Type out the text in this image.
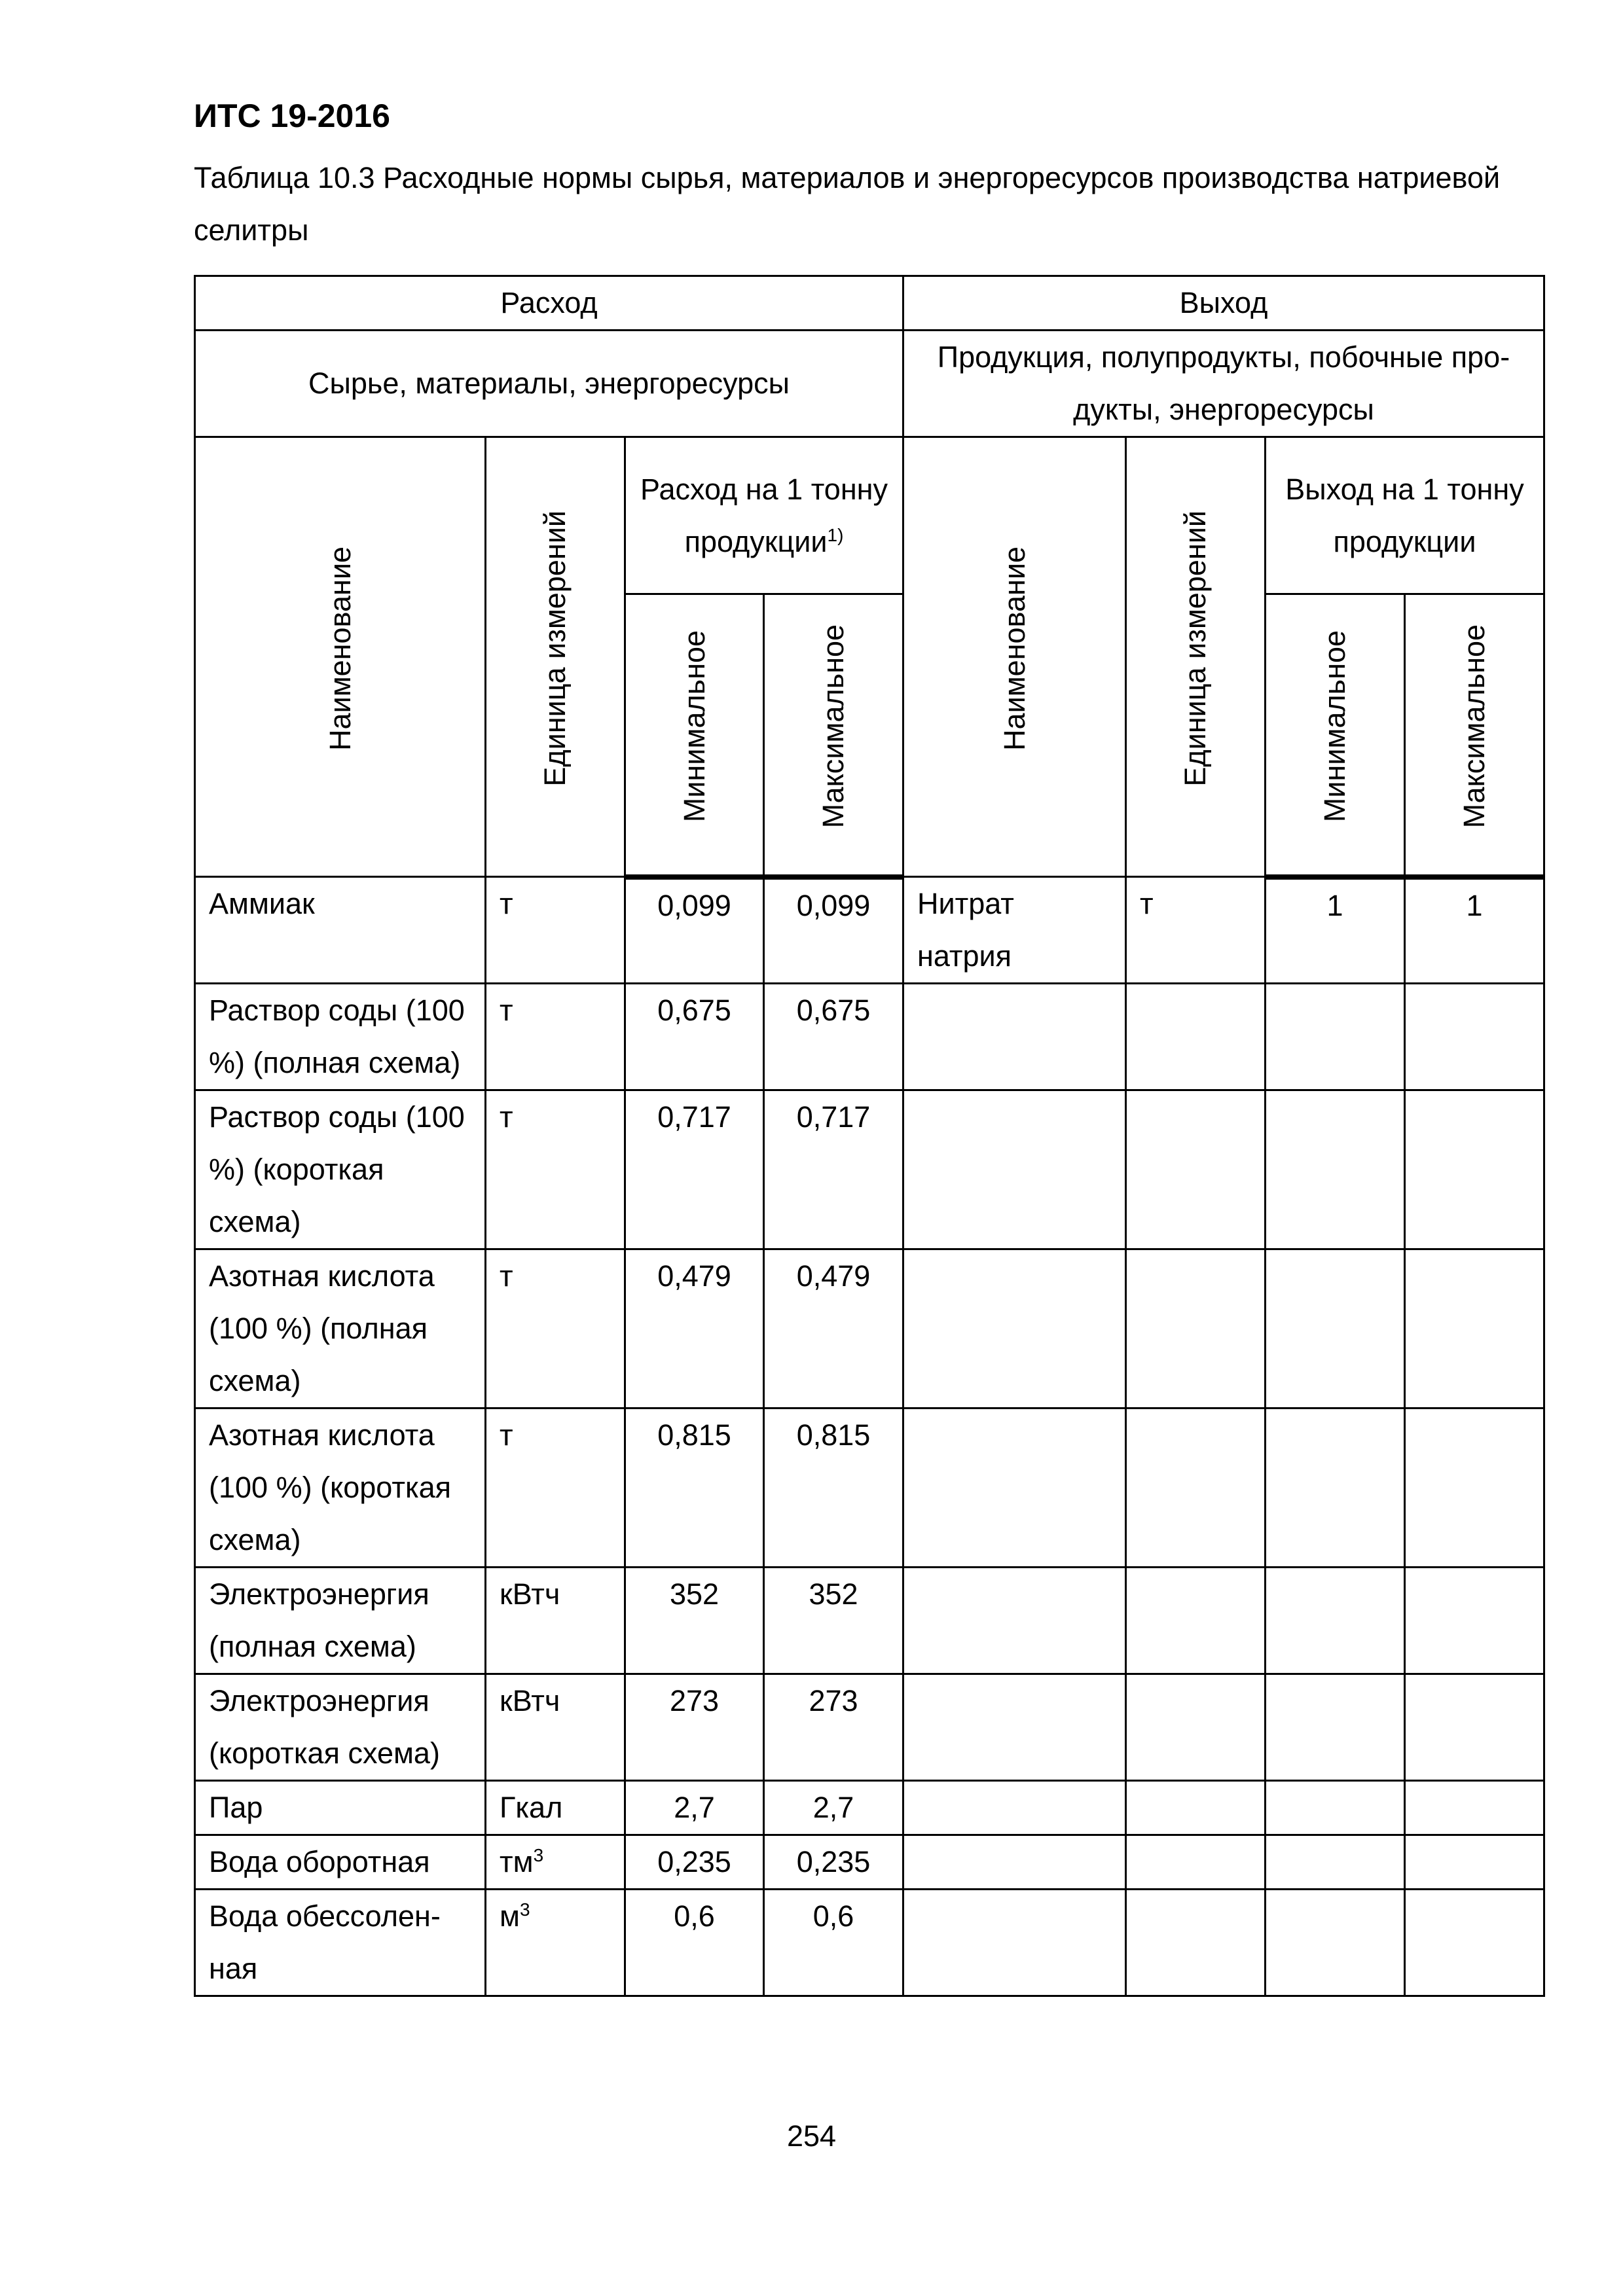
ИТС 19-2016
Таблица 10.3 Расходные нормы сырья, материалов и энергоресурсов производства натриевой селитры
Расход				Выход			
Сырье, материалы, энергоресурсы				Продукция, полупродукты, побочные продукты, энергоресурсы			
Наименование	Единица измерений	Расход на 1 тонну продукции$^{1)}$		Наименование	Единица измерений	Выход на 1 тонну продукции	
		Минимальное	Максимальное			Минимальное	Максимальное
Аммиак	т	0,099	0,099	Нитрат натрия	т	1	1
Раствор соды (100 %) (полная схема)	т	0,675	0,675				
Раствор соды (100 %) (короткая схема)	т	0,717	0,717				
Азотная кислота (100 %) (полная схема)	т	0,479	0,479				
Азотная кислота (100 %) (короткая схема)	т	0,815	0,815				
Электроэнергия (полная схема)	кВтч	352	352				
Электроэнергия (короткая схема)	кВтч	273	273				
Пар	Гкал	2,7	2,7				
Вода оборотная	$тм^3$	0,235	0,235				
Вода обессоленная	$м^3$	0,6	0,6				
254
